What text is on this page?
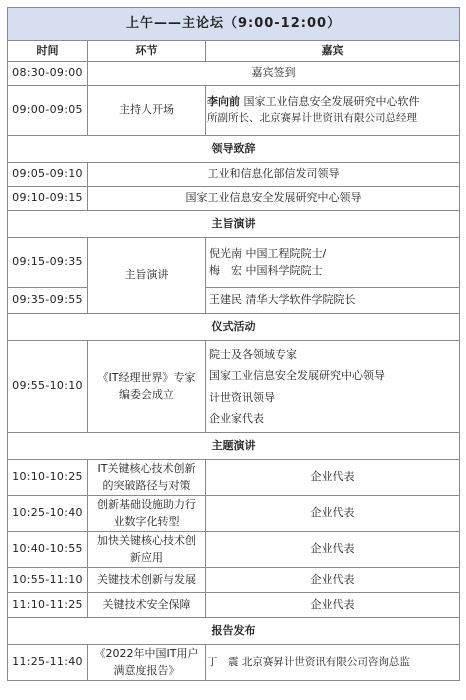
上午——主论坛（9:00-12:00）		
时间	环节	嘉宾
08:30-09:00	嘉宾签到	
09:00-09:05	主持人开场	李向前 国家工业信息安全发展研究中心软件
所副所长、北京赛昇计世资讯有限公司总经理

领导致辞		
09:05-09:10	工业和信息化部信发司领导	
09:10-09:15	国家工业信息安全发展研究中心领导	
主旨演讲		
09:15-09:35	主旨演讲	倪光南 中国工程院院士/
梅　宏 中国科学院院士

09:35-09:55		王建民 清华大学软件学院院长
仪式活动		
09:55-10:10	《IT经理世界》专家
编委会成立	院士及各领域专家
国家工业信息安全发展研究中心领导
计世资讯领导
企业家代表

主题演讲		
10:10-10:25	IT关键核心技术创新
的突破路径与对策	企业代表
10:25-10:40	创新基础设施助力行
业数字化转型	企业代表
10:40-10:55	加快关键核心技术创
新应用	企业代表
10:55-11:10	关键技术创新与发展	企业代表
11:10-11:25	关键技术安全保障	企业代表
报告发布		
11:25-11:40	《2022年中国IT用户
满意度报告》	丁　震 北京赛昇计世资讯有限公司咨询总监
